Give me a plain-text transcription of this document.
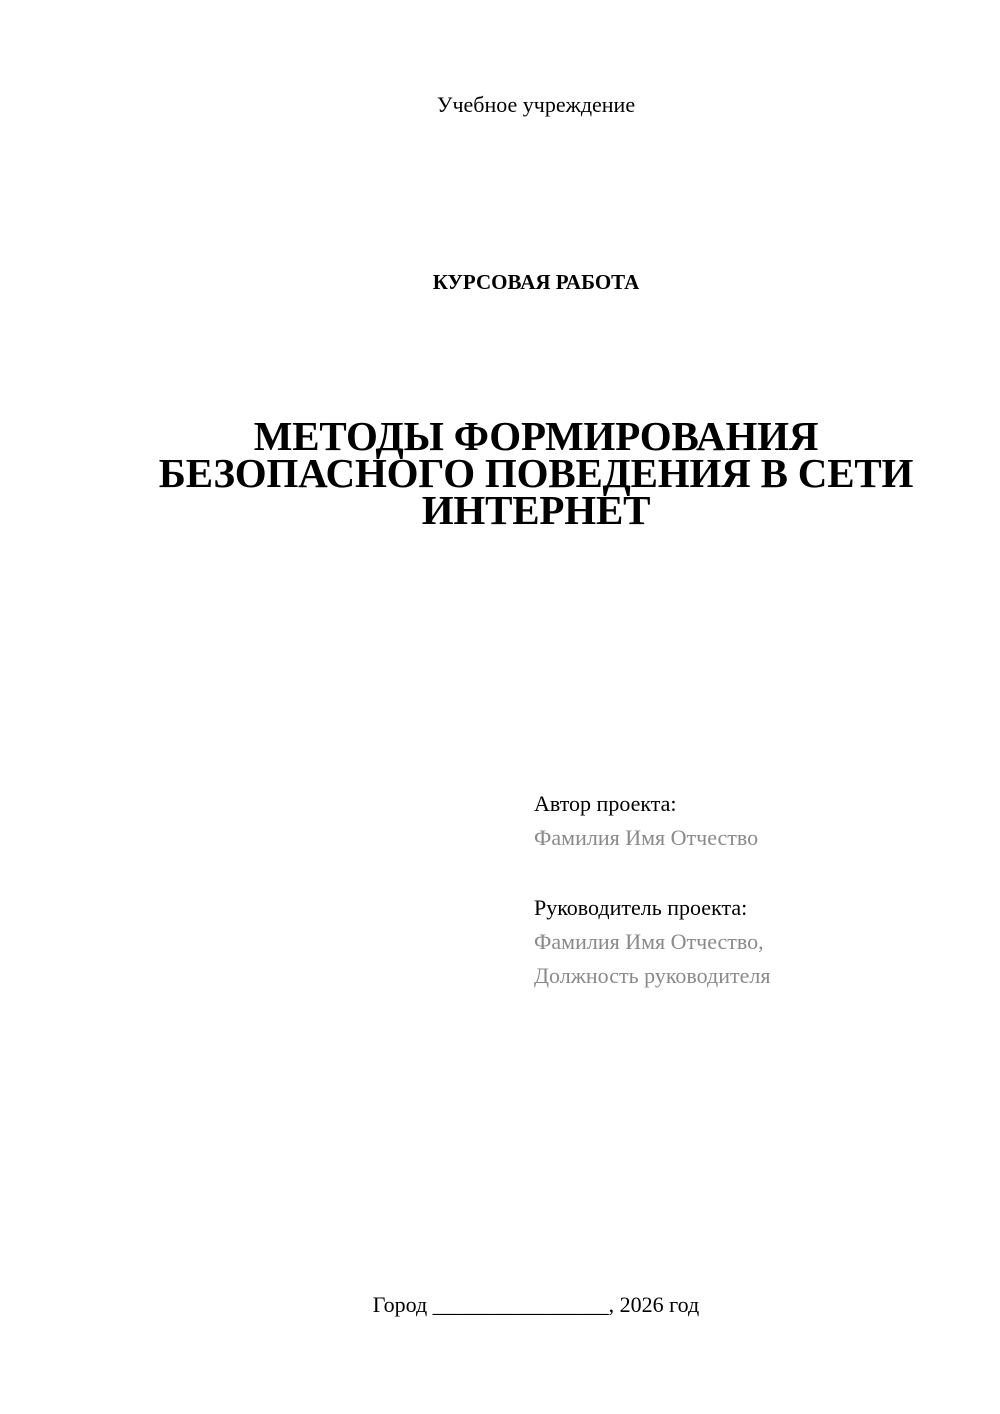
Учебное учреждение
КУРСОВАЯ РАБОТА
МЕТОДЫ ФОРМИРОВАНИЯ
БЕЗОПАСНОГО ПОВЕДЕНИЯ В СЕТИ
ИНТЕРНЕТ
Автор проекта:
Фамилия Имя Отчество
Руководитель проекта:
Фамилия Имя Отчество,
Должность руководителя
Город ________________, 2026 год
